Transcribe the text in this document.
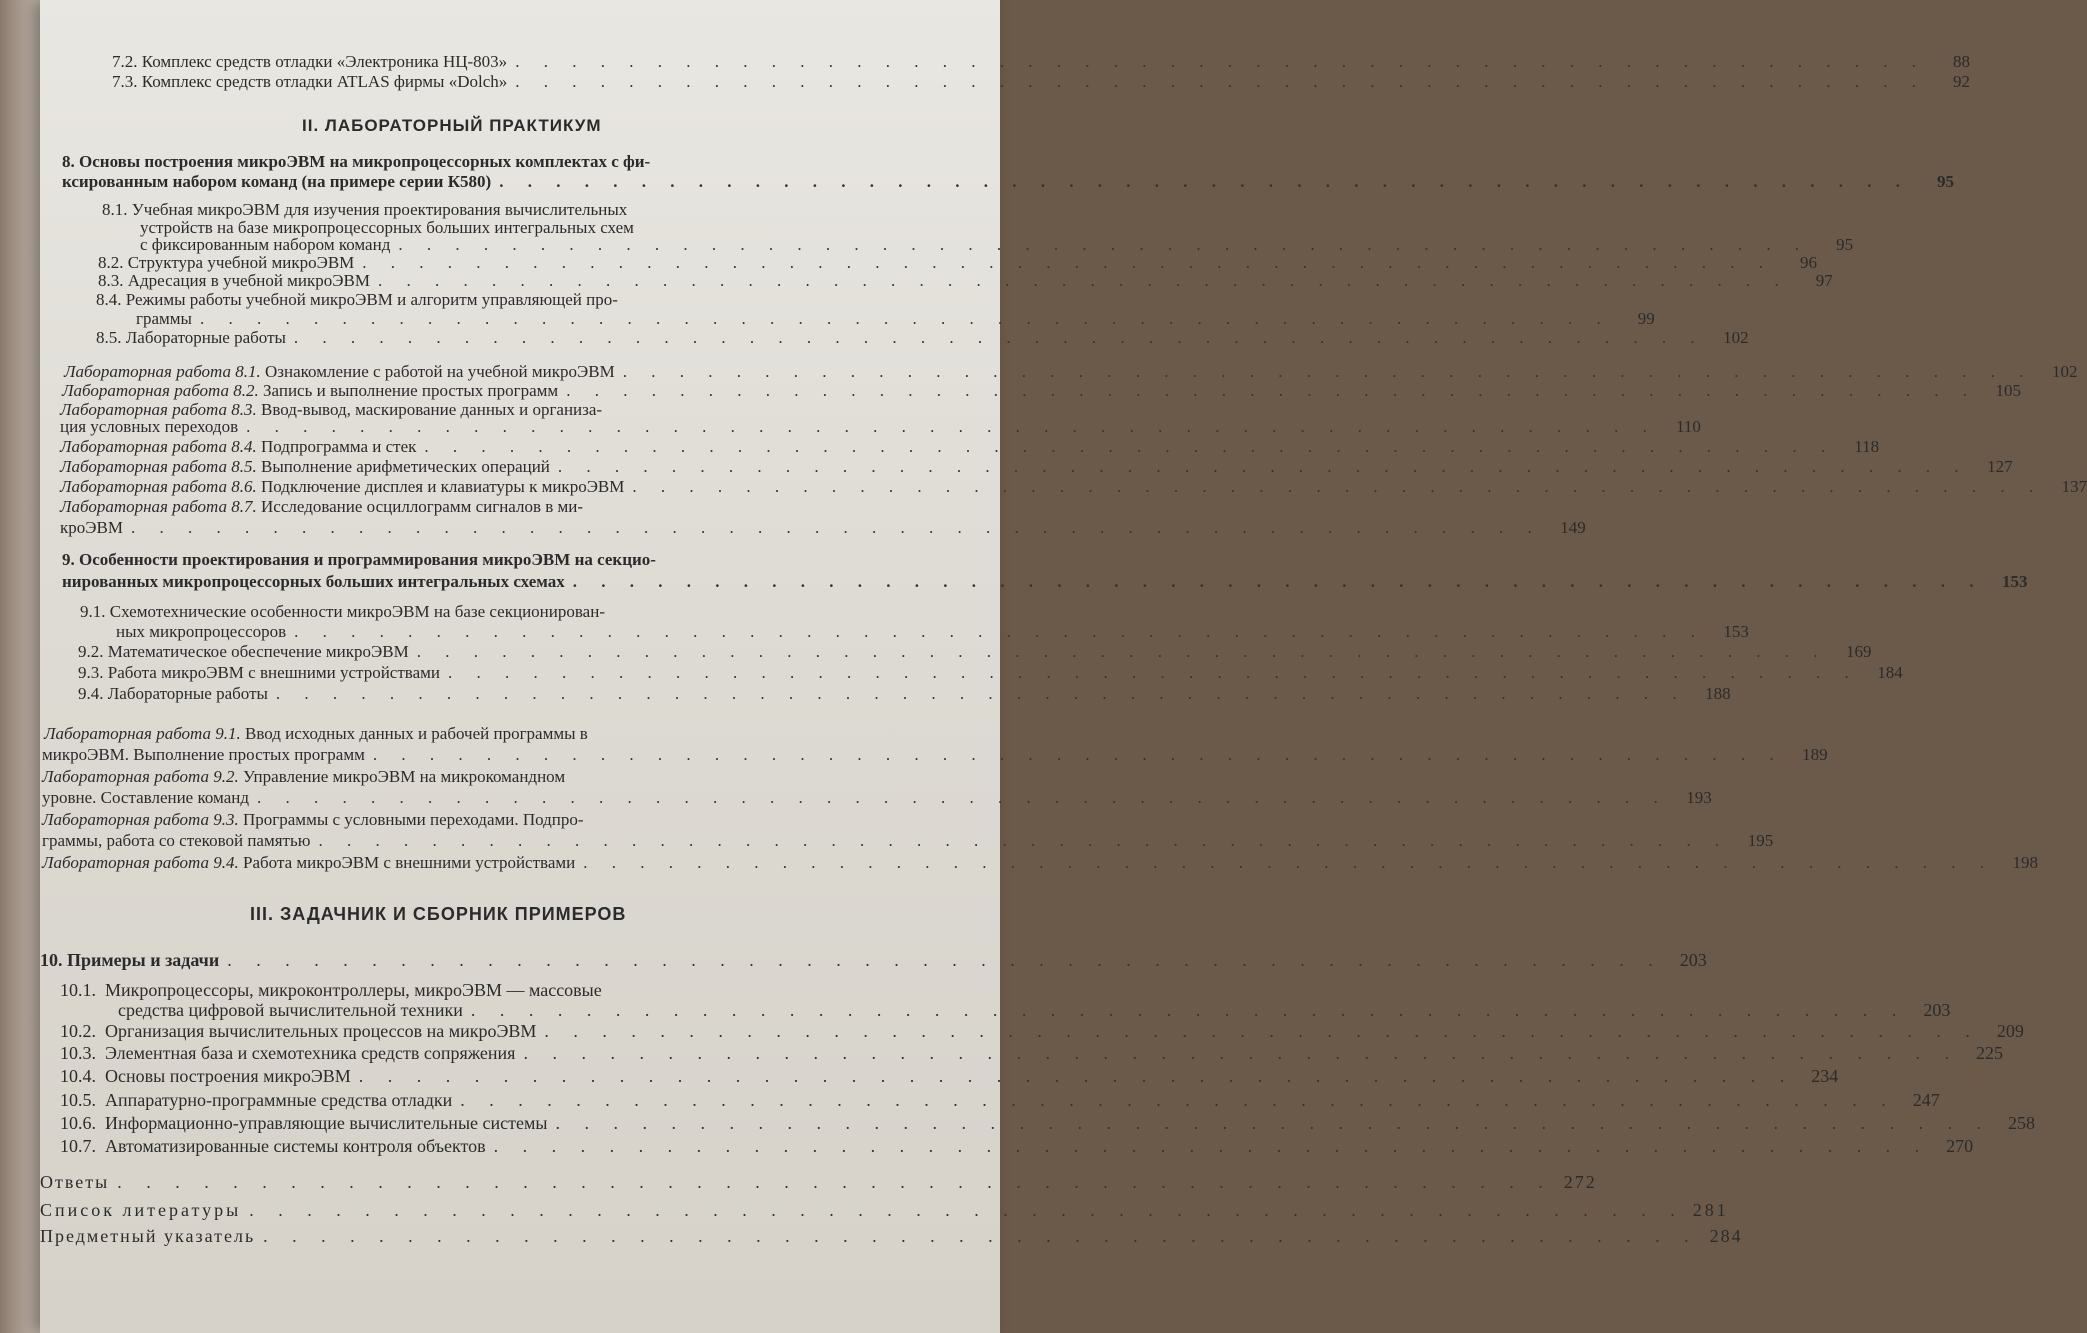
7.2. Комплекс средств отладки «Электроника НЦ-803» . . . . . . . . . . . . . . . . . . . . . . . . . . . . . . . . . . . . . . . . . . . . . . . . . .	88
7.3. Комплекс средств отладки ATLAS фирмы «Dolch» . . . . . . . . . . . . . . . . . . . . . . . . . . . . . . . . . . . . . . . . . . . . . . . . . .	92
II. ЛАБОРАТОРНЫЙ ПРАКТИКУМ
8. Основы построения микроЭВМ на микропроцессорных комплектах с фи-
ксированным набором команд (на примере серии К580) . . . . . . . . . . . . . . . . . . . . . . . . . . . . . . . . . . . . . . . . . . . . . . . . . .	95
8.1. Учебная микроЭВМ для изучения проектирования вычислительных
устройств на базе микропроцессорных больших интегральных схем
с фиксированным набором команд . . . . . . . . . . . . . . . . . . . . . . . . . . . . . . . . . . . . . . . . . . . . . . . . . .	95
8.2. Структура учебной микроЭВМ . . . . . . . . . . . . . . . . . . . . . . . . . . . . . . . . . . . . . . . . . . . . . . . . . .	96
8.3. Адресация в учебной микроЭВМ . . . . . . . . . . . . . . . . . . . . . . . . . . . . . . . . . . . . . . . . . . . . . . . . . .	97
8.4. Режимы работы учебной микроЭВМ и алгоритм управляющей про-
граммы . . . . . . . . . . . . . . . . . . . . . . . . . . . . . . . . . . . . . . . . . . . . . . . . . .	99
8.5. Лабораторные работы . . . . . . . . . . . . . . . . . . . . . . . . . . . . . . . . . . . . . . . . . . . . . . . . . .	102
Лабораторная работа 8.1. Ознакомление с работой на учебной микроЭВМ . . . . . . . . . . . . . . . . . . . . . . . . . . . . . . . . . . . . . . . . . . . . . . . . . .	102
Лабораторная работа 8.2. Запись и выполнение простых программ . . . . . . . . . . . . . . . . . . . . . . . . . . . . . . . . . . . . . . . . . . . . . . . . . .	105
Лабораторная работа 8.3. Ввод-вывод, маскирование данных и организа-
ция условных переходов . . . . . . . . . . . . . . . . . . . . . . . . . . . . . . . . . . . . . . . . . . . . . . . . . .	110
Лабораторная работа 8.4. Подпрограмма и стек . . . . . . . . . . . . . . . . . . . . . . . . . . . . . . . . . . . . . . . . . . . . . . . . . .	118
Лабораторная работа 8.5. Выполнение арифметических операций . . . . . . . . . . . . . . . . . . . . . . . . . . . . . . . . . . . . . . . . . . . . . . . . . .	127
Лабораторная работа 8.6. Подключение дисплея и клавиатуры к микроЭВМ . . . . . . . . . . . . . . . . . . . . . . . . . . . . . . . . . . . . . . . . . . . . . . . . . .	137
Лабораторная работа 8.7. Исследование осциллограмм сигналов в ми-
кроЭВМ . . . . . . . . . . . . . . . . . . . . . . . . . . . . . . . . . . . . . . . . . . . . . . . . . .	149
9. Особенности проектирования и программирования микроЭВМ на секцио-
нированных микропроцессорных больших интегральных схемах . . . . . . . . . . . . . . . . . . . . . . . . . . . . . . . . . . . . . . . . . . . . . . . . . .	153
9.1. Схемотехнические особенности микроЭВМ на базе секционирован-
ных микропроцессоров . . . . . . . . . . . . . . . . . . . . . . . . . . . . . . . . . . . . . . . . . . . . . . . . . .	153
9.2. Математическое обеспечение микроЭВМ . . . . . . . . . . . . . . . . . . . . . . . . . . . . . . . . . . . . . . . . . . . . . . . . . .	169
9.3. Работа микроЭВМ с внешними устройствами . . . . . . . . . . . . . . . . . . . . . . . . . . . . . . . . . . . . . . . . . . . . . . . . . .	184
9.4. Лабораторные работы . . . . . . . . . . . . . . . . . . . . . . . . . . . . . . . . . . . . . . . . . . . . . . . . . .	188
Лабораторная работа 9.1. Ввод исходных данных и рабочей программы в
микроЭВМ. Выполнение простых программ . . . . . . . . . . . . . . . . . . . . . . . . . . . . . . . . . . . . . . . . . . . . . . . . . .	189
Лабораторная работа 9.2. Управление микроЭВМ на микрокомандном
уровне. Составление команд . . . . . . . . . . . . . . . . . . . . . . . . . . . . . . . . . . . . . . . . . . . . . . . . . .	193
Лабораторная работа 9.3. Программы с условными переходами. Подпро-
граммы, работа со стековой памятью . . . . . . . . . . . . . . . . . . . . . . . . . . . . . . . . . . . . . . . . . . . . . . . . . .	195
Лабораторная работа 9.4. Работа микроЭВМ с внешними устройствами . . . . . . . . . . . . . . . . . . . . . . . . . . . . . . . . . . . . . . . . . . . . . . . . . .	198
III. ЗАДАЧНИК И СБОРНИК ПРИМЕРОВ
10. Примеры и задачи . . . . . . . . . . . . . . . . . . . . . . . . . . . . . . . . . . . . . . . . . . . . . . . . . . 203
10.1. Микропроцессоры, микроконтроллеры, микроЭВМ — массовые
средства цифровой вычислительной техники . . . . . . . . . . . . . . . . . . . . . . . . . . . . . . . . . . . . . . . . . . . . . . . . . . 203
10.2. Организация вычислительных процессов на микроЭВМ . . . . . . . . . . . . . . . . . . . . . . . . . . . . . . . . . . . . . . . . . . . . . . . . . . 209
10.3. Элементная база и схемотехника средств сопряжения . . . . . . . . . . . . . . . . . . . . . . . . . . . . . . . . . . . . . . . . . . . . . . . . . . 225
10.4. Основы построения микроЭВМ . . . . . . . . . . . . . . . . . . . . . . . . . . . . . . . . . . . . . . . . . . . . . . . . . . 234
10.5. Аппаратурно-программные средства отладки . . . . . . . . . . . . . . . . . . . . . . . . . . . . . . . . . . . . . . . . . . . . . . . . . . 247
10.6. Информационно-управляющие вычислительные системы . . . . . . . . . . . . . . . . . . . . . . . . . . . . . . . . . . . . . . . . . . . . . . . . . . 258
10.7. Автоматизированные системы контроля объектов . . . . . . . . . . . . . . . . . . . . . . . . . . . . . . . . . . . . . . . . . . . . . . . . . . 270
Ответы . . . . . . . . . . . . . . . . . . . . . . . . . . . . . . . . . . . . . . . . . . . . . . . . . . 272
Список литературы . . . . . . . . . . . . . . . . . . . . . . . . . . . . . . . . . . . . . . . . . . . . . . . . . . 281
Предметный указатель . . . . . . . . . . . . . . . . . . . . . . . . . . . . . . . . . . . . . . . . . . . . . . . . . . 284
